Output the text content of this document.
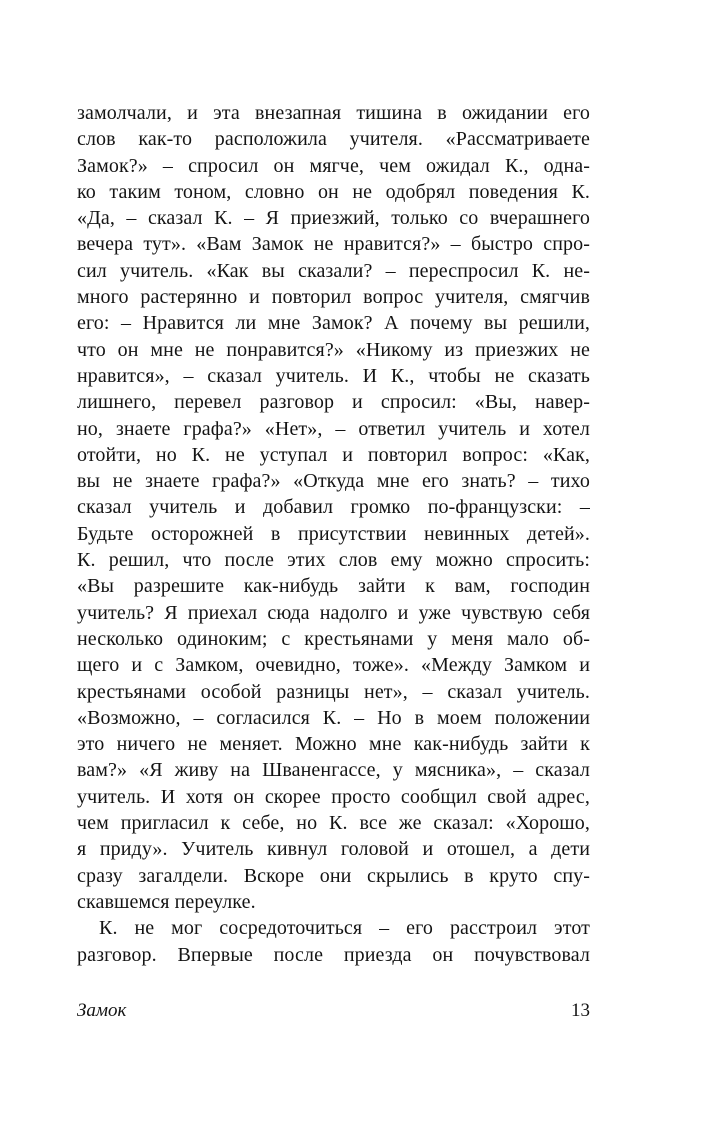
замолчали, и эта внезапная тишина в ожидании его
слов как-то расположила учителя. «Рассматриваете
Замок?» – спросил он мягче, чем ожидал К., одна-
ко таким тоном, словно он не одобрял поведения К.
«Да, – сказал К. – Я приезжий, только со вчерашнего
вечера тут». «Вам Замок не нравится?» – быстро спро-
сил учитель. «Как вы сказали? – переспросил К. не-
много растерянно и повторил вопрос учителя, смягчив
его: – Нравится ли мне Замок? А почему вы решили,
что он мне не понравится?» «Никому из приезжих не
нравится», – сказал учитель. И К., чтобы не сказать
лишнего, перевел разговор и спросил: «Вы, навер-
но, знаете графа?» «Нет», – ответил учитель и хотел
отойти, но К. не уступал и повторил вопрос: «Как,
вы не знаете графа?» «Откуда мне его знать? – тихо
сказал учитель и добавил громко по-французски: –
Будьте осторожней в присутствии невинных детей».
К. решил, что после этих слов ему можно спросить:
«Вы разрешите как-нибудь зайти к вам, господин
учитель? Я приехал сюда надолго и уже чувствую себя
несколько одиноким; с крестьянами у меня мало об-
щего и с Замком, очевидно, тоже». «Между Замком и
крестьянами особой разницы нет», – сказал учитель.
«Возможно, – согласился К. – Но в моем положении
это ничего не меняет. Можно мне как-нибудь зайти к
вам?» «Я живу на Шваненгассе, у мясника», – сказал
учитель. И хотя он скорее просто сообщил свой адрес,
чем пригласил к себе, но К. все же сказал: «Хорошо,
я приду». Учитель кивнул головой и отошел, а дети
сразу загалдели. Вскоре они скрылись в круто спу-
скавшемся переулке.
К. не мог сосредоточиться – его расстроил этот
разговор. Впервые после приезда он почувствовал
Замок	13
